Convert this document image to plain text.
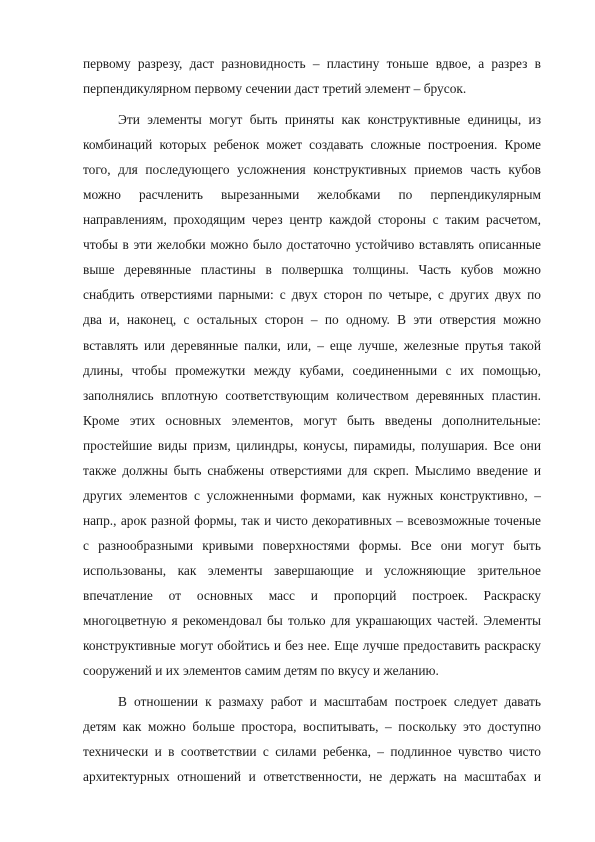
первому разрезу, даст разновидность – пластину тоньше вдвое, а разрез в
перпендикулярном первому сечении даст третий элемент – брусок.
Эти элементы могут быть приняты как конструктивные единицы, из
комбинаций которых ребенок может создавать сложные построения. Кроме
того, для последующего усложнения конструктивных приемов часть кубов
можно расчленить вырезанными желобками по перпендикулярным
направлениям, проходящим через центр каждой стороны с таким расчетом,
чтобы в эти желобки можно было достаточно устойчиво вставлять описанные
выше деревянные пластины в полвершка толщины. Часть кубов можно
снабдить отверстиями парными: с двух сторон по четыре, с других двух по
два и, наконец, с остальных сторон – по одному. В эти отверстия можно
вставлять или деревянные палки, или, – еще лучше, железные прутья такой
длины, чтобы промежутки между кубами, соединенными с их помощью,
заполнялись вплотную соответствующим количеством деревянных пластин.
Кроме этих основных элементов, могут быть введены дополнительные:
простейшие виды призм, цилиндры, конусы, пирамиды, полушария. Все они
также должны быть снабжены отверстиями для скреп. Мыслимо введение и
других элементов с усложненными формами, как нужных конструктивно, –
напр., арок разной формы, так и чисто декоративных – всевозможные точеные
с разнообразными кривыми поверхностями формы. Все они могут быть
использованы, как элементы завершающие и усложняющие зрительное
впечатление от основных масс и пропорций построек. Раскраску
многоцветную я рекомендовал бы только для украшающих частей. Элементы
конструктивные могут обойтись и без нее. Еще лучше предоставить раскраску
сооружений и их элементов самим детям по вкусу и желанию.
В отношении к размаху работ и масштабам построек следует давать
детям как можно больше простора, воспитывать, – поскольку это доступно
технически и в соответствии с силами ребенка, – подлинное чувство чисто
архитектурных отношений и ответственности, не держать на масштабах и
